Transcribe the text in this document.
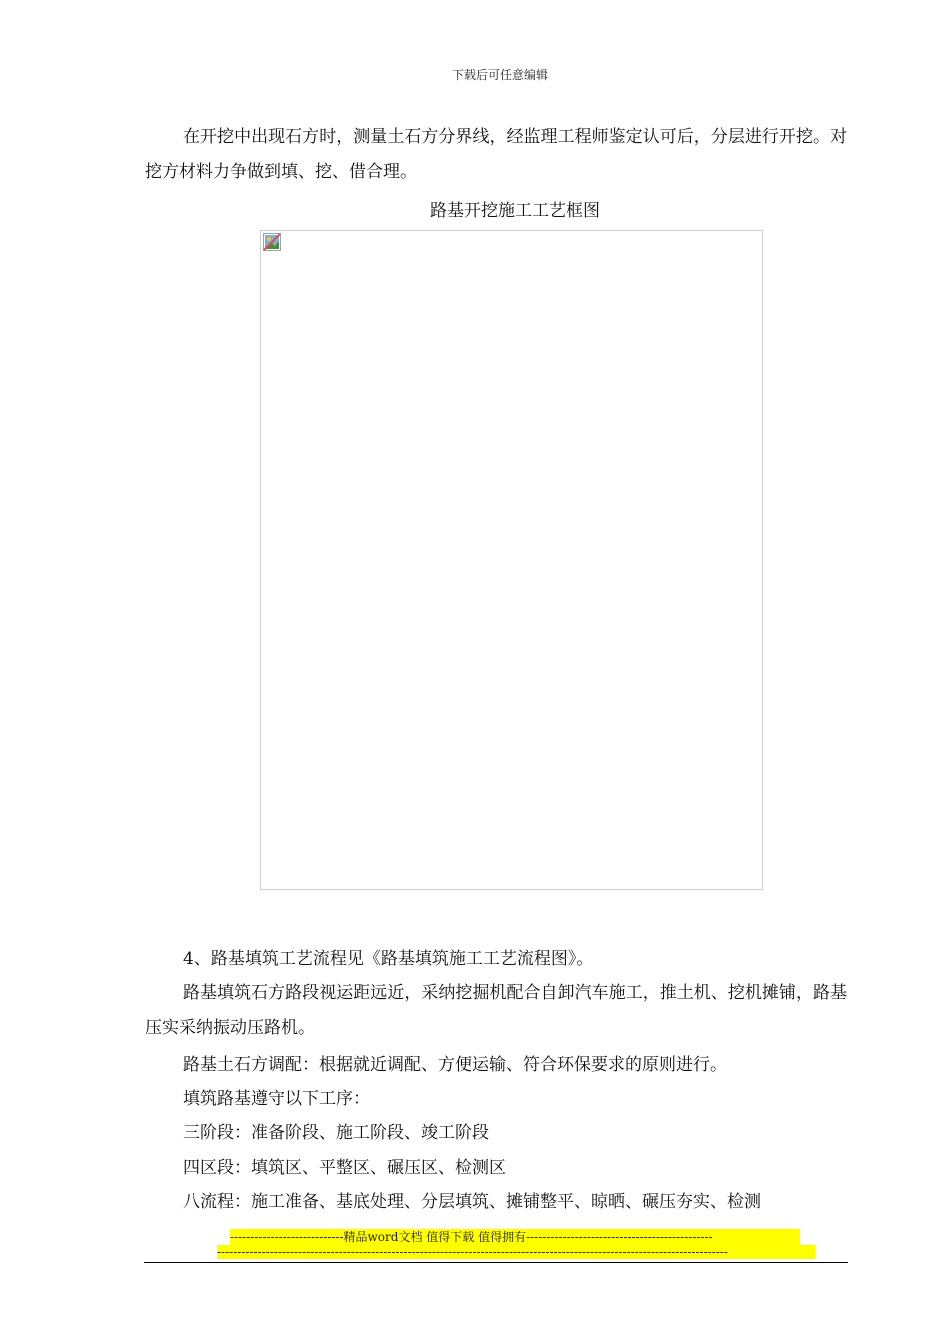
下载后可任意编辑

在开挖中出现石方时，测量土石方分界线，经监理工程师鉴定认可后，分层进行开挖。对挖方材料力争做到填、挖、借合理。

路基开挖施工工艺框图
4、路基填筑工艺流程见《路基填筑施工工艺流程图》。

路基填筑石方路段视运距远近，采纳挖掘机配合自卸汽车施工，推土机、挖机摊铺，路基压实采纳振动压路机。

路基土石方调配：根据就近调配、方便运输、符合环保要求的原则进行。
填筑路基遵守以下工序：
三阶段：准备阶段、施工阶段、竣工阶段
四区段：填筑区、平整区、碾压区、检测区
八流程：施工准备、基底处理、分层填筑、摊铺整平、晾晒、碾压夯实、检测
----------------------------精品word文档 值得下载 值得拥有----------------------------------------------
------------------------------------------------------------------------------------------------------------------------------
